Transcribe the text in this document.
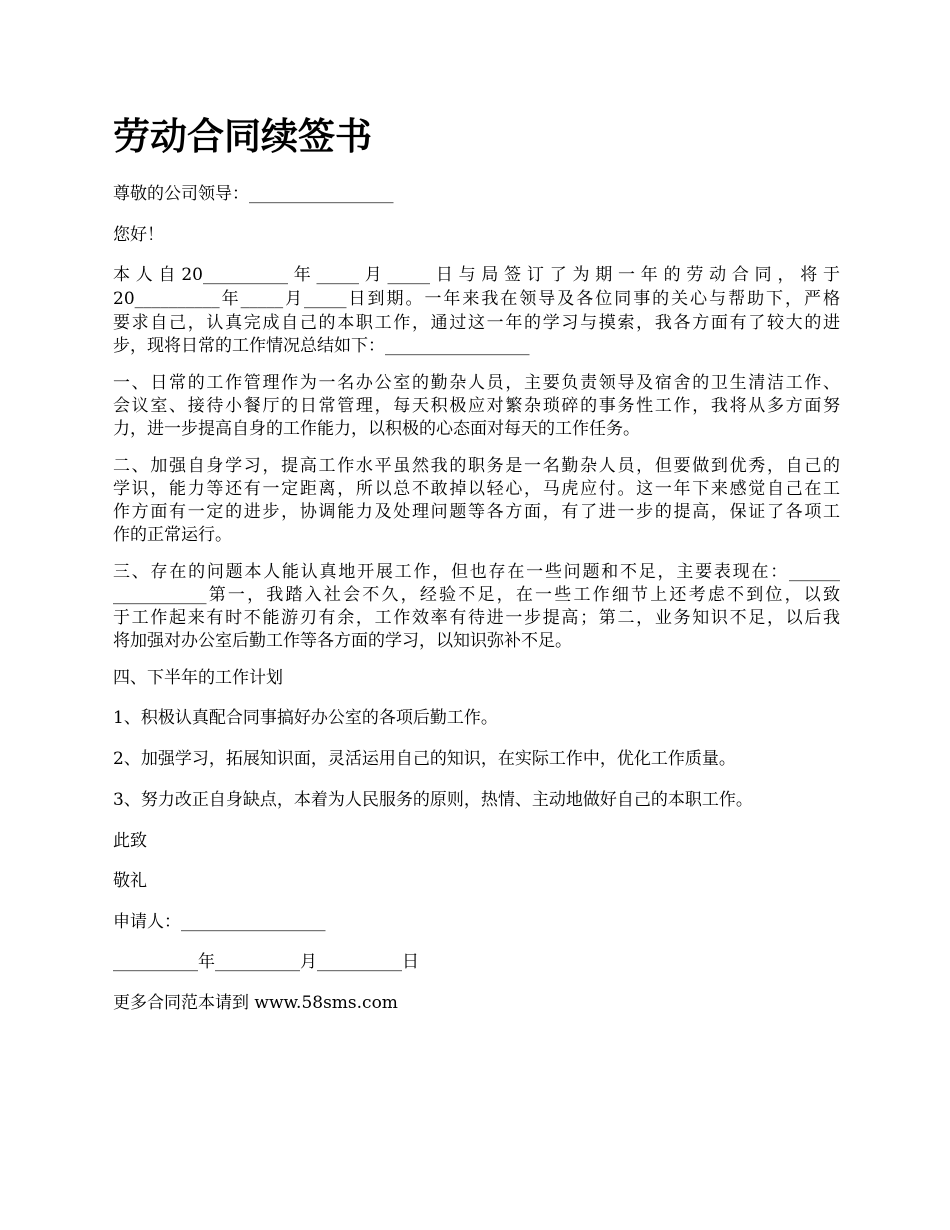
劳动合同续签书
尊敬的公司领导：_________________
您好！
本人自20__________年_____月_____日与局签订了为期一年的劳动合同，将于
20__________年_____月_____日到期。一年来我在领导及各位同事的关心与帮助下，严格
要求自己，认真完成自己的本职工作，通过这一年的学习与摸索，我各方面有了较大的进
步，现将日常的工作情况总结如下：_________________
一、日常的工作管理作为一名办公室的勤杂人员，主要负责领导及宿舍的卫生清洁工作、
会议室、接待小餐厅的日常管理，每天积极应对繁杂琐碎的事务性工作，我将从多方面努
力，进一步提高自身的工作能力，以积极的心态面对每天的工作任务。
二、加强自身学习，提高工作水平虽然我的职务是一名勤杂人员，但要做到优秀，自己的
学识，能力等还有一定距离，所以总不敢掉以轻心，马虎应付。这一年下来感觉自己在工
作方面有一定的进步，协调能力及处理问题等各方面，有了进一步的提高，保证了各项工
作的正常运行。
三、存在的问题本人能认真地开展工作，但也存在一些问题和不足，主要表现在：______
___________第一，我踏入社会不久，经验不足，在一些工作细节上还考虑不到位，以致
于工作起来有时不能游刃有余，工作效率有待进一步提高；第二，业务知识不足，以后我
将加强对办公室后勤工作等各方面的学习，以知识弥补不足。
四、下半年的工作计划
1、积极认真配合同事搞好办公室的各项后勤工作。
2、加强学习，拓展知识面，灵活运用自己的知识，在实际工作中，优化工作质量。
3、努力改正自身缺点，本着为人民服务的原则，热情、主动地做好自己的本职工作。
此致
敬礼
申请人：_________________
__________年__________月__________日
更多合同范本请到 www.58sms.com
